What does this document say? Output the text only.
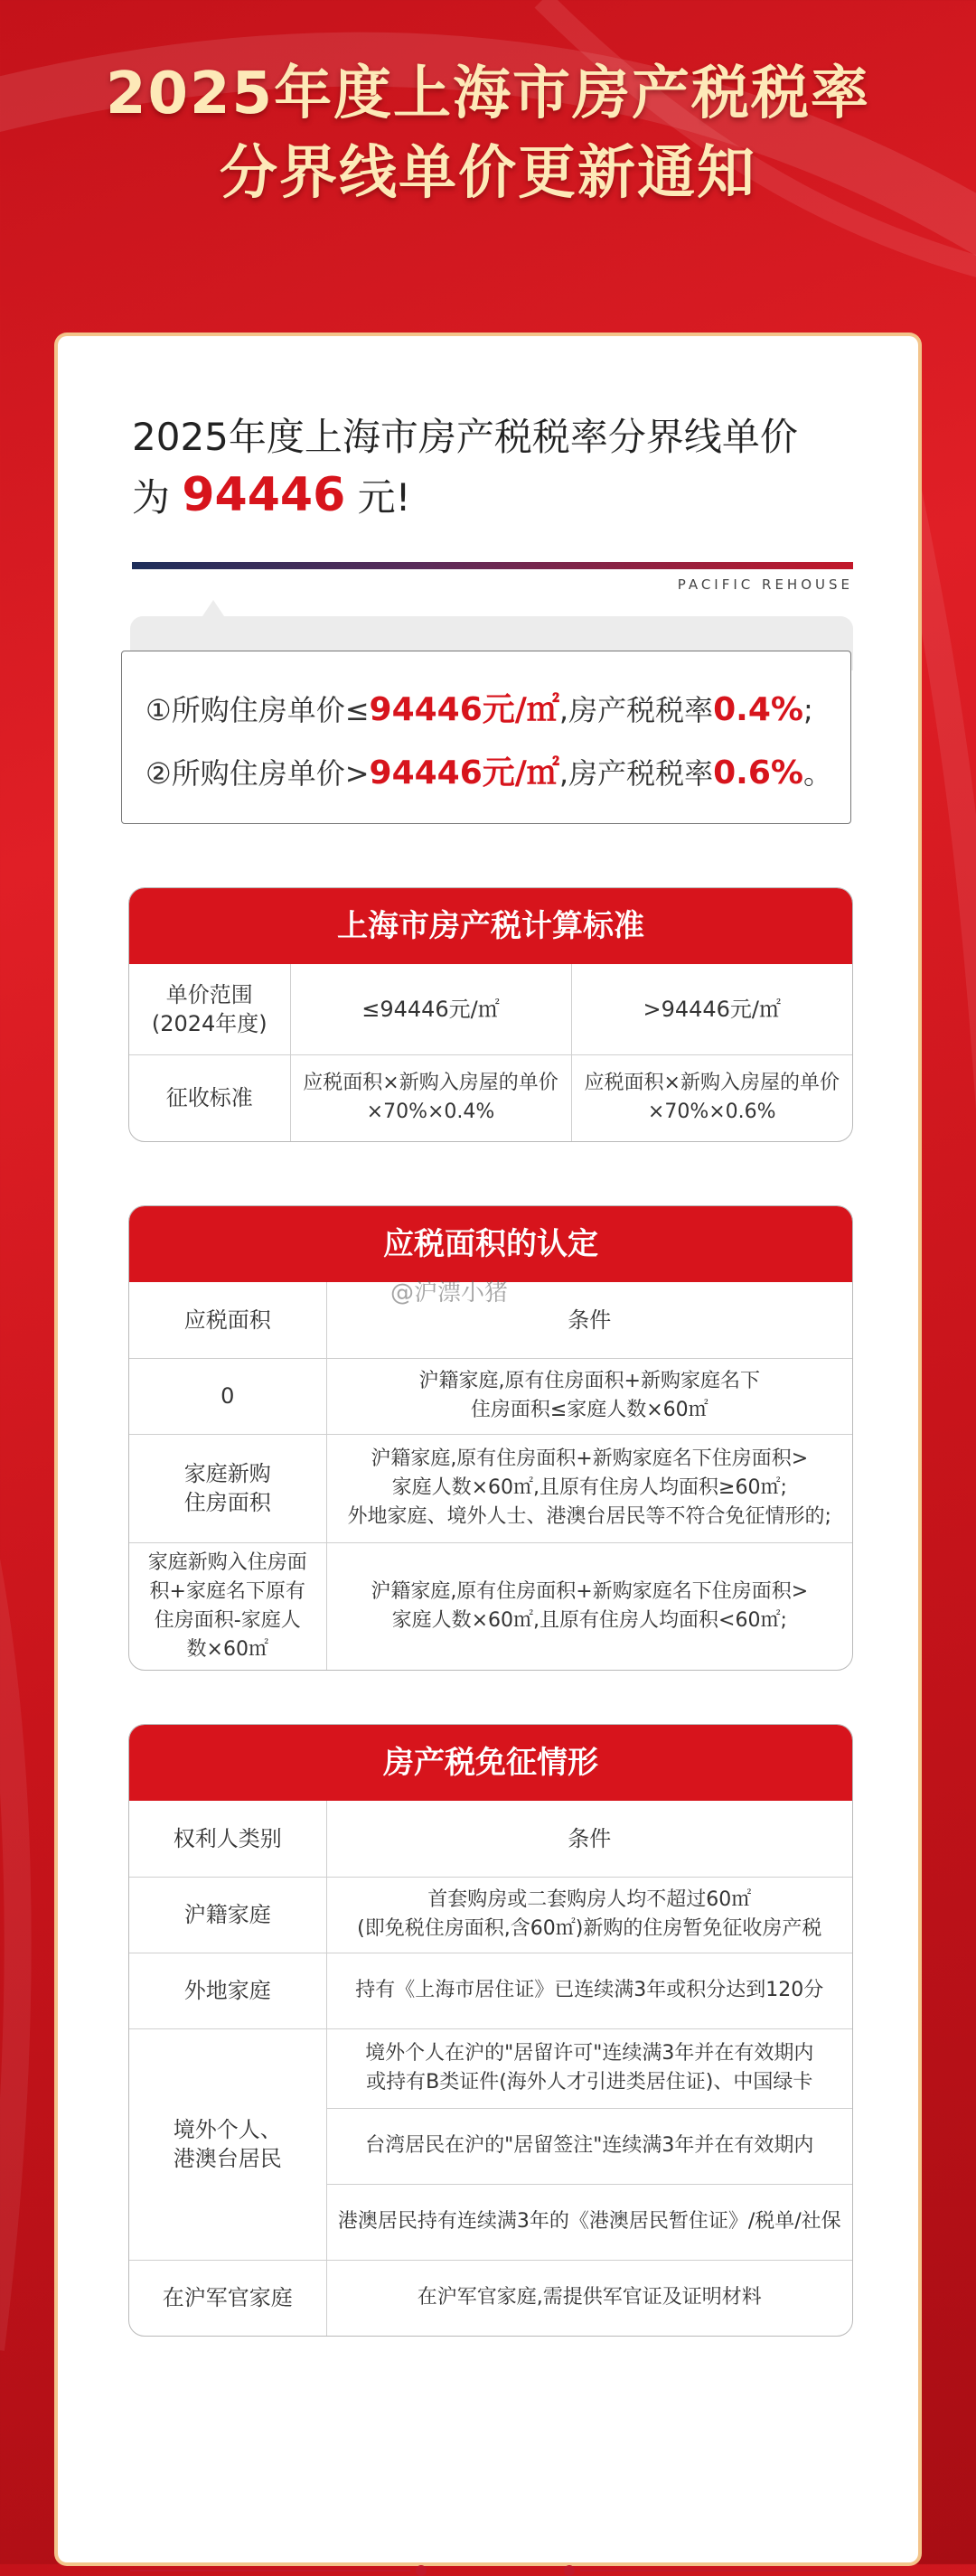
2025年度上海市房产税税率
分界线单价更新通知
2025年度上海市房产税税率分界线单价
为 94446 元!
PACIFIC REHOUSE
①所购住房单价≤94446元/㎡,房产税税率0.4%;
②所购住房单价>94446元/㎡,房产税税率0.6%。
上海市房产税计算标准
单价范围
(2024年度)	≤94446元/㎡	>94446元/㎡
征收标准	应税面积×新购入房屋的单价
×70%×0.4%	应税面积×新购入房屋的单价
×70%×0.6%
应税面积的认定
应税面积	条件
0	沪籍家庭,原有住房面积+新购家庭名下
住房面积≤家庭人数×60㎡
家庭新购
住房面积	沪籍家庭,原有住房面积+新购家庭名下住房面积>
家庭人数×60㎡,且原有住房人均面积≥60㎡;
外地家庭、境外人士、港澳台居民等不符合免征情形的;
家庭新购入住房面
积+家庭名下原有
住房面积-家庭人
数×60㎡	沪籍家庭,原有住房面积+新购家庭名下住房面积>
家庭人数×60㎡,且原有住房人均面积<60㎡;
@沪漂小猪
房产税免征情形
权利人类别	条件
沪籍家庭	首套购房或二套购房人均不超过60㎡
(即免税住房面积,含60㎡)新购的住房暂免征收房产税
外地家庭	持有《上海市居住证》已连续满3年或积分达到120分
境外个人、
港澳台居民	境外个人在沪的"居留许可"连续满3年并在有效期内
或持有B类证件(海外人才引进类居住证)、中国绿卡
	台湾居民在沪的"居留签注"连续满3年并在有效期内
	港澳居民持有连续满3年的《港澳居民暂住证》/税单/社保
在沪军官家庭	在沪军官家庭,需提供军官证及证明材料
